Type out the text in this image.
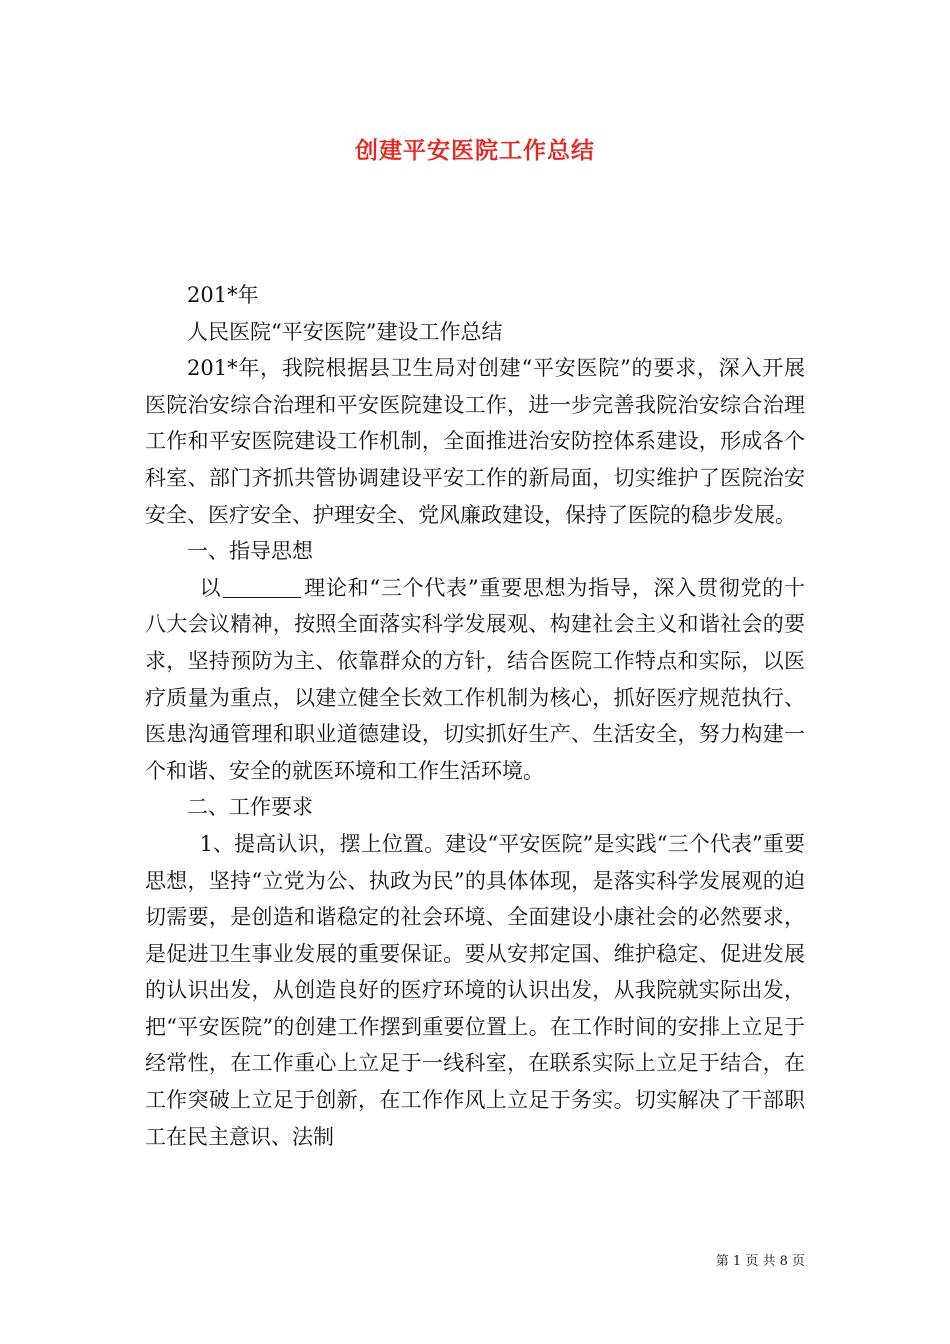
创建平安医院工作总结

201*年

人民医院“平安医院”建设工作总结

201*年，我院根据县卫生局对创建“平安医院”的要求，深入开展医院治安综合治理和平安医院建设工作，进一步完善我院治安综合治理工作和平安医院建设工作机制，全面推进治安防控体系建设，形成各个科室、部门齐抓共管协调建设平安工作的新局面，切实维护了医院治安安全、医疗安全、护理安全、党风廉政建设，保持了医院的稳步发展。

一、指导思想

以	理论和“三个代表”重要思想为指导，深入贯彻党的十八大会议精神，按照全面落实科学发展观、构建社会主义和谐社会的要求，坚持预防为主、依靠群众的方针，结合医院工作特点和实际，以医疗质量为重点，以建立健全长效工作机制为核心，抓好医疗规范执行、医患沟通管理和职业道德建设，切实抓好生产、生活安全，努力构建一个和谐、安全的就医环境和工作生活环境。

二、工作要求

1、提高认识，摆上位置。建设“平安医院”是实践“三个代表”重要思想，坚持“立党为公、执政为民”的具体体现，是落实科学发展观的迫切需要，是创造和谐稳定的社会环境、全面建设小康社会的必然要求，是促进卫生事业发展的重要保证。要从安邦定国、维护稳定、促进发展的认识出发，从创造良好的医疗环境的认识出发，从我院就实际出发，把“平安医院”的创建工作摆到重要位置上。在工作时间的安排上立足于经常性，在工作重心上立足于一线科室，在联系实际上立足于结合，在工作突破上立足于创新，在工作作风上立足于务实。切实解决了干部职工在民主意识、法制

第 1 页 共 8 页
